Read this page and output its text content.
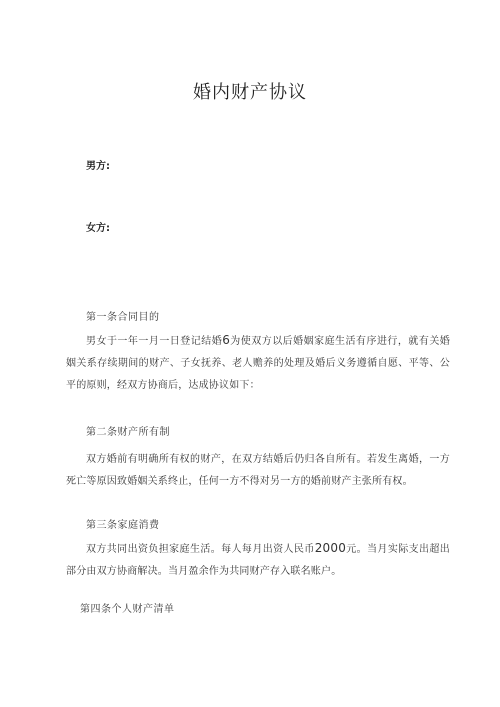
婚内财产协议
男方:
女方:
第一条合同目的
男女于一年一月一日登记结婚6为使双方以后婚姻家庭生活有序进行，就有关婚姻关系存续期间的财产、子女抚养、老人赡养的处理及婚后义务遵循自愿、平等、公平的原则，经双方协商后，达成协议如下：
第二条财产所有制
双方婚前有明确所有权的财产，在双方结婚后仍归各自所有。若发生离婚，一方死亡等原因致婚姻关系终止，任何一方不得对另一方的婚前财产主张所有权。
第三条家庭消费
双方共同出资负担家庭生活。每人每月出资人民币2000元。当月实际支出超出部分由双方协商解决。当月盈余作为共同财产存入联名账户。
第四条个人财产清单
